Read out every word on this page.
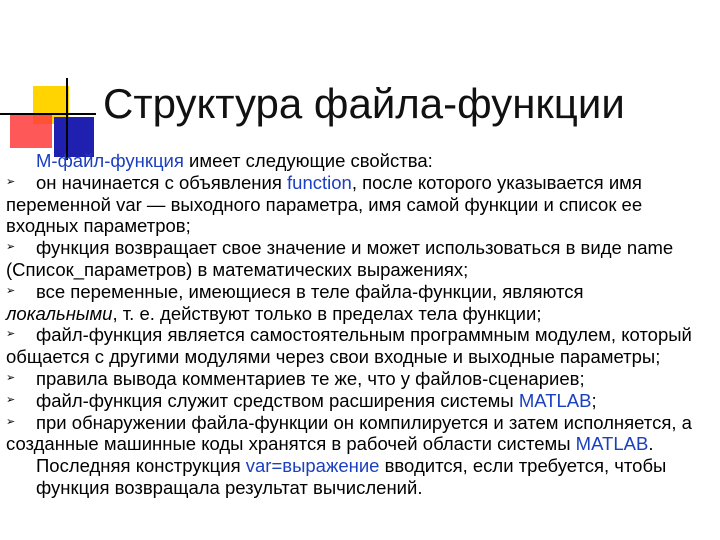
Структура файла-функции

М-файл-функция имеет следующие свойства:

➢	он начинается с объявления function, после которого указывается имя переменной var — выходного параметра, имя самой функции и список ее входных параметров;

➢	функция возвращает свое значение и может использоваться в виде name (Список_параметров) в математических выражениях;

➢	все переменные, имеющиеся в теле файла-функции, являются локальными, т. е. действуют только в пределах тела функции;

➢	файл-функция является самостоятельным программным модулем, который общается с другими модулями через свои входные и выходные параметры;

➢	правила вывода комментариев те же, что у файлов-сценариев;

➢	файл-функция служит средством расширения системы MATLAB;

➢	при обнаружении файла-функции он компилируется и затем исполняется, а созданные машинные коды хранятся в рабочей области системы MATLAB.

Последняя конструкция var=выражение вводится, если требуется, чтобы функция возвращала результат вычислений.
